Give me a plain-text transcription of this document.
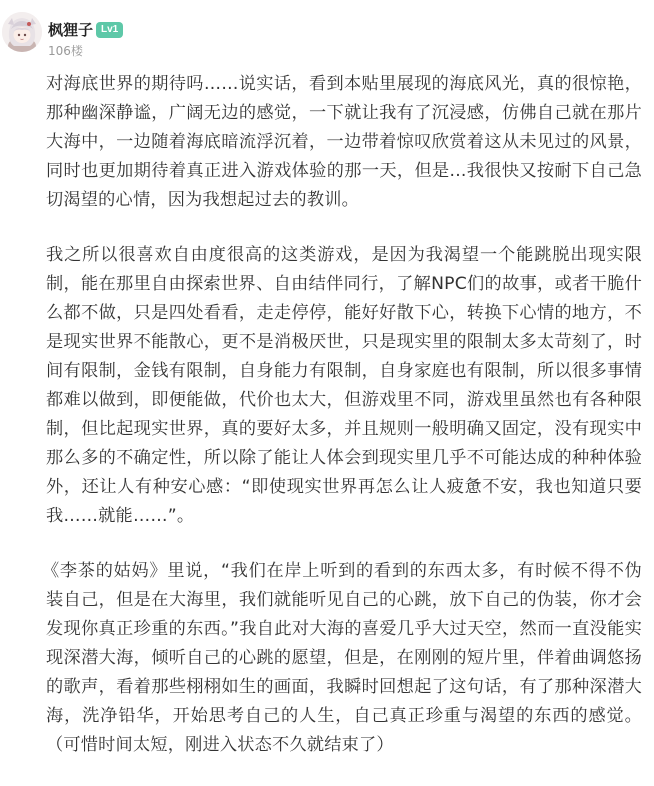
枫狸子 Lv1
106楼

对海底世界的期待吗……说实话，看到本贴里展现的海底风光，真的很惊艳，那种幽深静谧，广阔无边的感觉，一下就让我有了沉浸感，仿佛自己就在那片大海中，一边随着海底暗流浮沉着，一边带着惊叹欣赏着这从未见过的风景，同时也更加期待着真正进入游戏体验的那一天，但是...我很快又按耐下自己急切渴望的心情，因为我想起过去的教训。

我之所以很喜欢自由度很高的这类游戏，是因为我渴望一个能跳脱出现实限制，能在那里自由探索世界、自由结伴同行，了解NPC们的故事，或者干脆什么都不做，只是四处看看，走走停停，能好好散下心，转换下心情的地方，不是现实世界不能散心，更不是消极厌世，只是现实里的限制太多太苛刻了，时间有限制，金钱有限制，自身能力有限制，自身家庭也有限制，所以很多事情都难以做到，即便能做，代价也太大，但游戏里不同，游戏里虽然也有各种限制，但比起现实世界，真的要好太多，并且规则一般明确又固定，没有现实中那么多的不确定性，所以除了能让人体会到现实里几乎不可能达成的种种体验外，还让人有种安心感：“即使现实世界再怎么让人疲惫不安，我也知道只要我……就能……”。

《李茶的姑妈》里说，“我们在岸上听到的看到的东西太多，有时候不得不伪装自己，但是在大海里，我们就能听见自己的心跳，放下自己的伪装，你才会发现你真正珍重的东西。”我自此对大海的喜爱几乎大过天空，然而一直没能实现深潜大海，倾听自己的心跳的愿望，但是，在刚刚的短片里，伴着曲调悠扬的歌声，看着那些栩栩如生的画面，我瞬时回想起了这句话，有了那种深潜大海，洗净铅华，开始思考自己的人生，自己真正珍重与渴望的东西的感觉。（可惜时间太短，刚进入状态不久就结束了）
